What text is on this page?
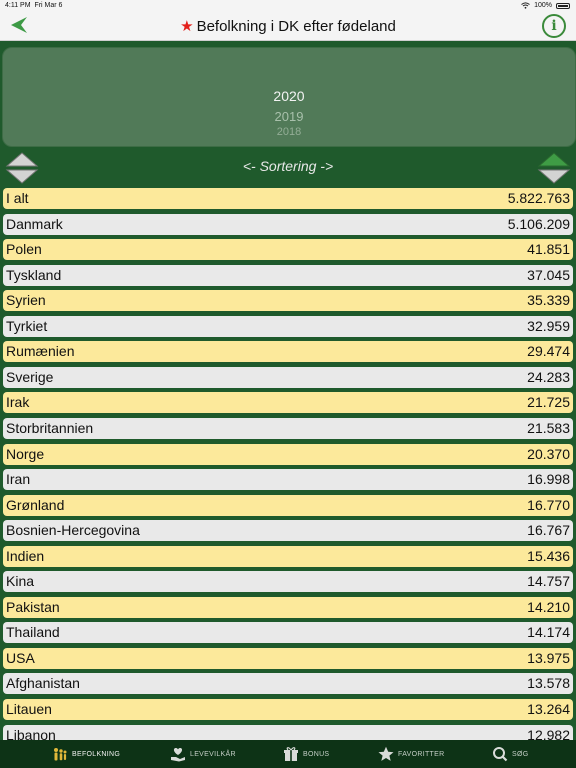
4:11 PM Fri Mar 6	100%
★ Befolkning i DK efter fødeland	i
2020
2019
2018
<- Sortering ->
I alt	5.822.763
Danmark	5.106.209
Polen	41.851
Tyskland	37.045
Syrien	35.339
Tyrkiet	32.959
Rumænien	29.474
Sverige	24.283
Irak	21.725
Storbritannien	21.583
Norge	20.370
Iran	16.998
Grønland	16.770
Bosnien-Hercegovina	16.767
Indien	15.436
Kina	14.757
Pakistan	14.210
Thailand	14.174
USA	13.975
Afghanistan	13.578
Litauen	13.264
Libanon	12.982
BEFOLKNING	LEVEVILKÅR	BONUS	FAVORITTER	SØG
